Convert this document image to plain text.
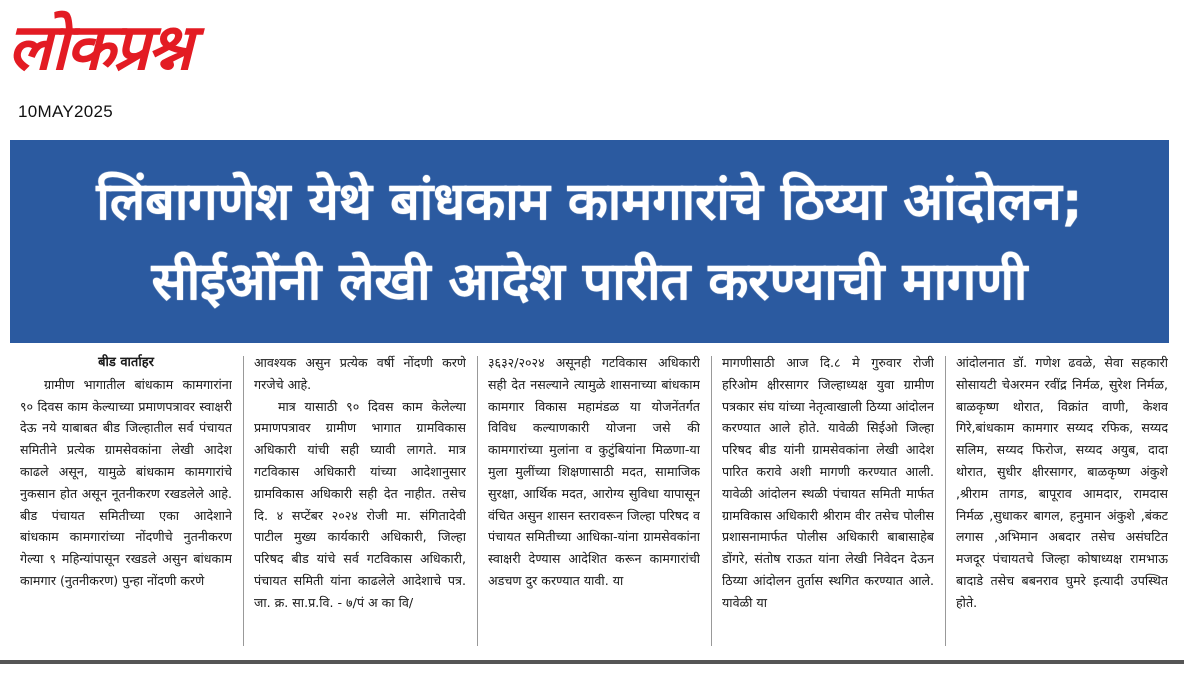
लोकप्रश्न
10MAY2025
लिंबागणेश येथे बांधकाम कामगारांचे ठिय्या आंदोलन;
सीईओंनी लेखी आदेश पारीत करण्याची मागणी
बीड वार्ताहर
ग्रामीण भागातील बांधकाम कामगारांना ९० दिवस काम केल्याच्या प्रमाणपत्रावर स्वाक्षरी देऊ नये याबाबत बीड जिल्हातील सर्व पंचायत समितीने प्रत्येक ग्रामसेवकांना लेखी आदेश काढले असून, यामुळे बांधकाम कामगारांचे नुकसान होत असून नूतनीकरण रखडलेले आहे. बीड पंचायत समितीच्या एका आदेशाने बांधकाम कामगारांच्या नोंदणीचे नुतनीकरण गेल्या ९ महिन्यांपासून रखडले असुन बांधकाम कामगार (नुतनीकरण) पुन्हा नोंदणी करणे
आवश्यक असुन प्रत्येक वर्षी नोंदणी करणे गरजेचे आहे.
मात्र यासाठी ९० दिवस काम केलेल्या प्रमाणपत्रावर ग्रामीण भागात ग्रामविकास अधिकारी यांची सही घ्यावी लागते. मात्र गटविकास अधिकारी यांच्या आदेशानुसार ग्रामविकास अधिकारी सही देत नाहीत. तसेच दि. ४ सप्टेंबर २०२४ रोजी मा. संगितादेवी पाटील मुख्य कार्यकारी अधिकारी, जिल्हा परिषद बीड यांचे सर्व गटविकास अधिकारी, पंचायत समिती यांना काढलेले आदेशाचे पत्र. जा. क्र. सा.प्र.वि. - ७/पं अ का वि/
३६३२/२०२४ असूनही गटविकास अधिकारी सही देत नसल्याने त्यामुळे शासनाच्या बांधकाम कामगार विकास महामंडळ या योजनेंतर्गत विविध कल्याणकारी योजना जसे की कामगारांच्या मुलांना व कुटुंबियांना मिळणा-या मुला मुलींच्या शिक्षणासाठी मदत, सामाजिक सुरक्षा, आर्थिक मदत, आरोग्य सुविधा यापासून वंचित असुन शासन स्तरावरून जिल्हा परिषद व पंचायत समितीच्या आधिका-यांना ग्रामसेवकांना स्वाक्षरी देण्यास आदेशित करून कामगारांची अडचण दुर करण्यात यावी. या
मागणीसाठी आज दि.८ मे गुरुवार रोजी हरिओम क्षीरसागर जिल्हाध्यक्ष युवा ग्रामीण पत्रकार संघ यांच्या नेतृत्वाखाली ठिय्या आंदोलन करण्यात आले होते. यावेळी सिईओ जिल्हा परिषद बीड यांनी ग्रामसेवकांना लेखी आदेश पारित करावे अशी मागणी करण्यात आली. यावेळी आंदोलन स्थळी पंचायत समिती मार्फत ग्रामविकास अधिकारी श्रीराम वीर तसेच पोलीस प्रशासनामार्फत पोलीस अधिकारी बाबासाहेब डोंगरे, संतोष राऊत यांना लेखी निवेदन देऊन ठिय्या आंदोलन तुर्तास स्थगित करण्यात आले. यावेळी या
आंदोलनात डॉ. गणेश ढवळे, सेवा सहकारी सोसायटी चेअरमन रवींद्र निर्मळ, सुरेश निर्मळ, बाळकृष्ण थोरात, विक्रांत वाणी, केशव गिरे,बांधकाम कामगार सय्यद रफिक, सय्यद सलिम, सय्यद फिरोज, सय्यद अयुब, दादा थोरात, सुधीर क्षीरसागर, बाळकृष्ण अंकुशे ,श्रीराम तागड, बापूराव आमदार, रामदास निर्मळ ,सुधाकर बागल, हनुमान अंकुशे ,बंकट लगास ,अभिमान अबदार तसेच असंघटित मजदूर पंचायतचे जिल्हा कोषाध्यक्ष रामभाऊ बादाडे तसेच बबनराव घुमरे इत्यादी उपस्थित होते.
